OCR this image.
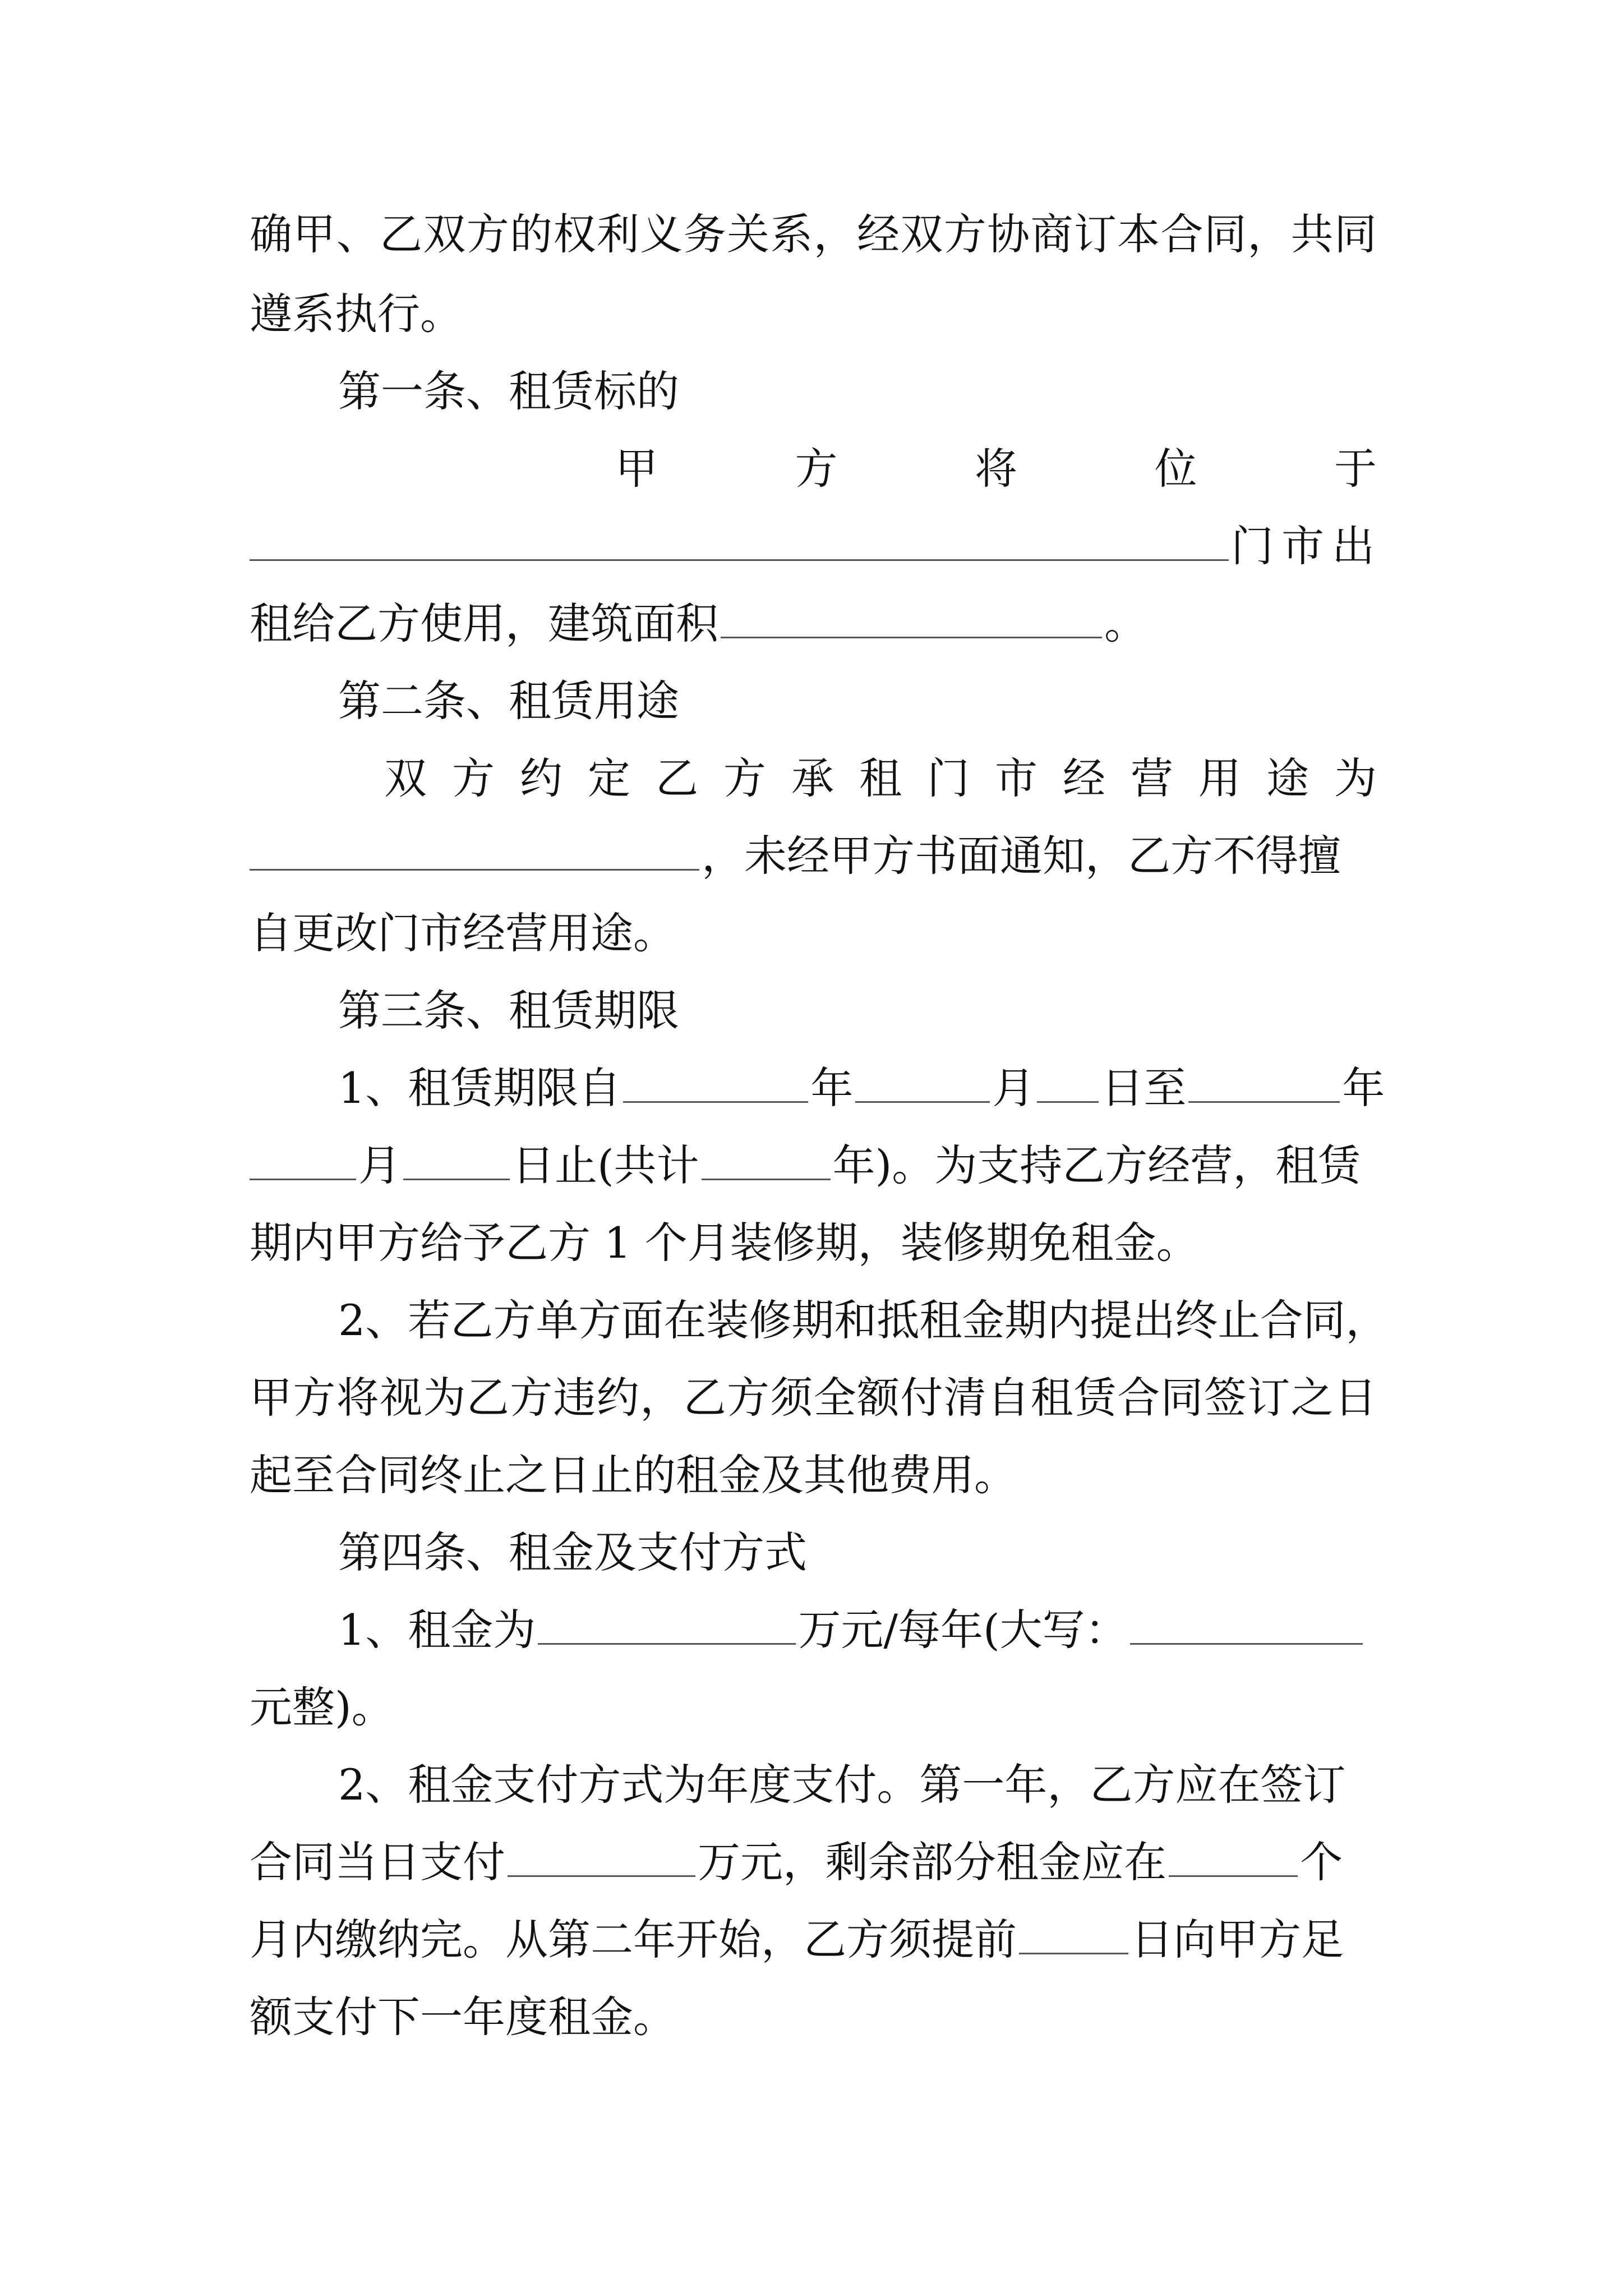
确甲、乙双方的权利义务关系，经双方协商订本合同，共同
遵系执行。
第一条、租赁标的
甲	方	将	位	于
门市出
租给乙方使用，建筑面积	。
第二条、租赁用途
双方约定乙方承租门市经营用途为
，未经甲方书面通知，乙方不得擅
自更改门市经营用途。
第三条、租赁期限
1、租赁期限自	年	月 日至	年
月	日止(共计	年)。为支持乙方经营，租赁
期内甲方给予乙方 1 个月装修期，装修期免租金。
2、若乙方单方面在装修期和抵租金期内提出终止合同，
甲方将视为乙方违约，乙方须全额付清自租赁合同签订之日
起至合同终止之日止的租金及其他费用。
第四条、租金及支付方式
1、租金为	万元/每年(大写：
元整)。
2、租金支付方式为年度支付。第一年，乙方应在签订
合同当日支付	万元，剩余部分租金应在	个
月内缴纳完。从第二年开始，乙方须提前	日向甲方足
额支付下一年度租金。
